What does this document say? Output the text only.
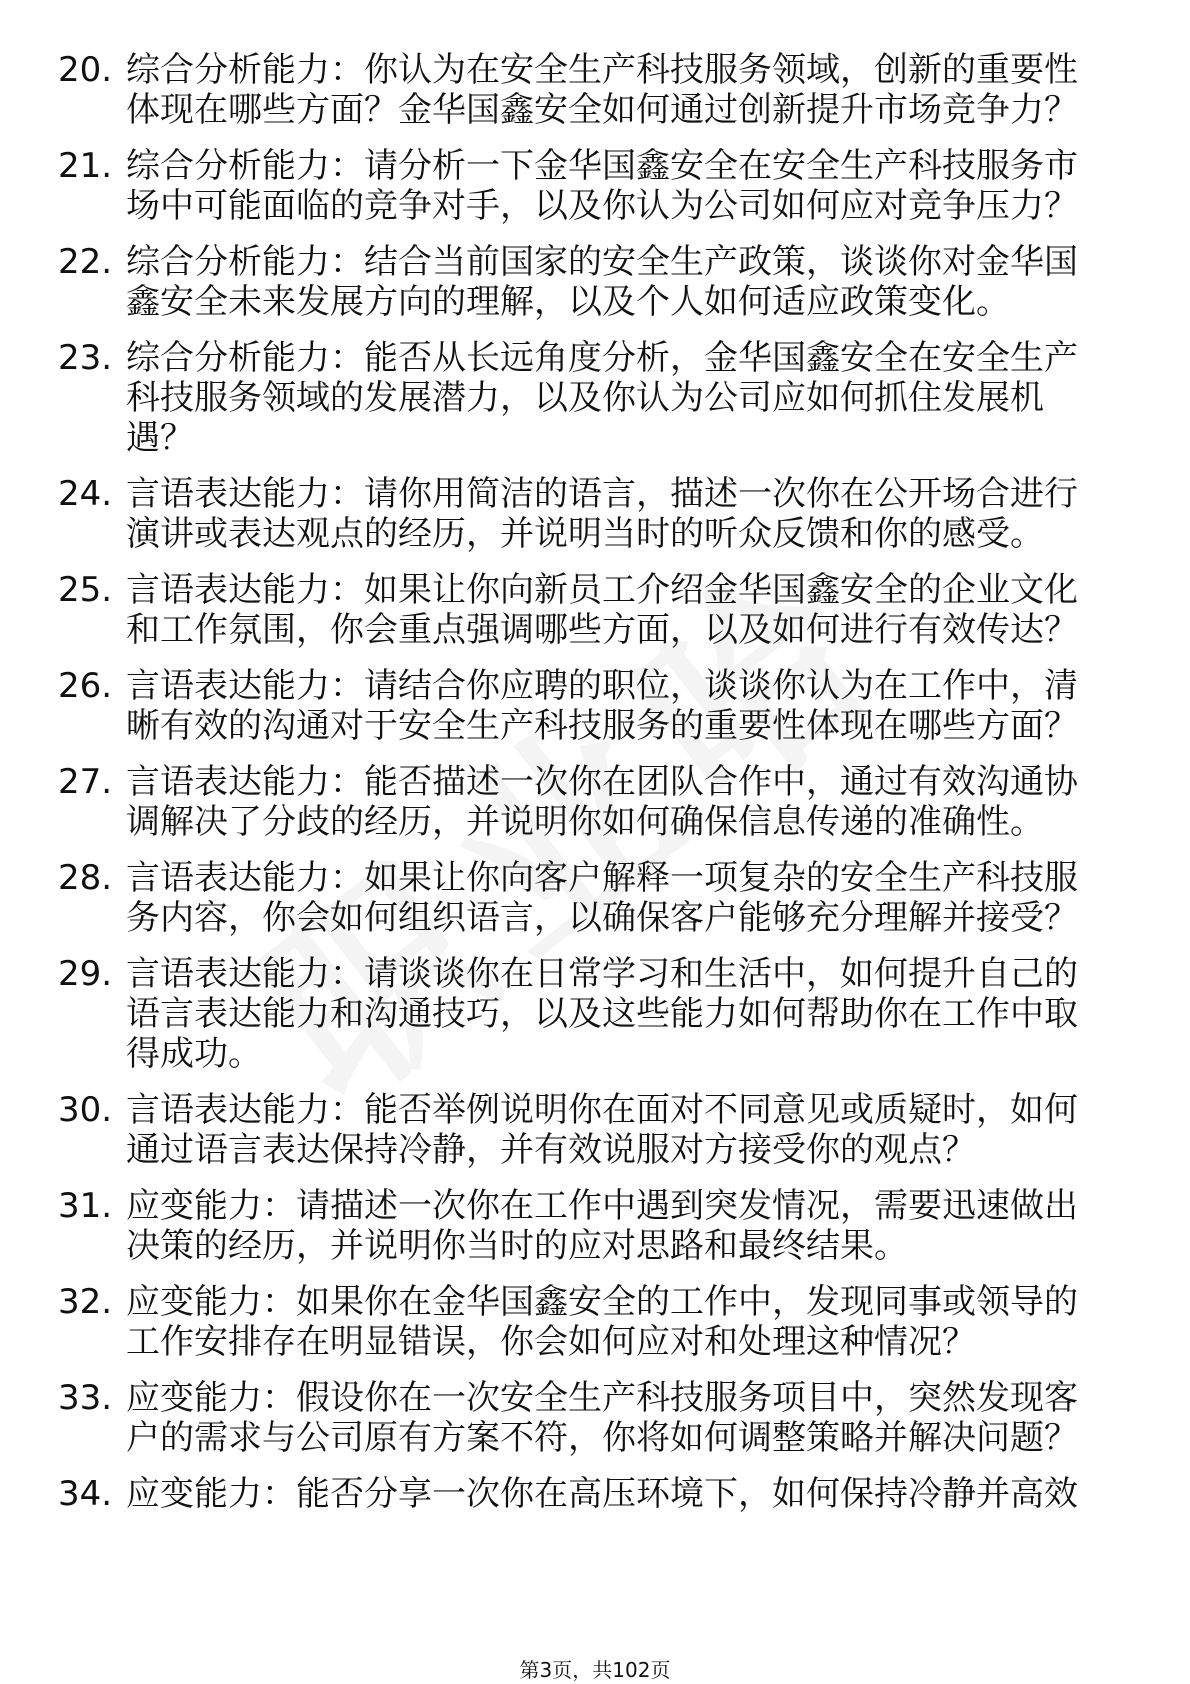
20. 综合分析能力：你认为在安全生产科技服务领域，创新的重要性
体现在哪些方面？金华国鑫安全如何通过创新提升市场竞争力？
21. 综合分析能力：请分析一下金华国鑫安全在安全生产科技服务市
场中可能面临的竞争对手，以及你认为公司如何应对竞争压力？
22. 综合分析能力：结合当前国家的安全生产政策，谈谈你对金华国
鑫安全未来发展方向的理解，以及个人如何适应政策变化。
23. 综合分析能力：能否从长远角度分析，金华国鑫安全在安全生产
科技服务领域的发展潜力，以及你认为公司应如何抓住发展机
遇？
24. 言语表达能力：请你用简洁的语言，描述一次你在公开场合进行
演讲或表达观点的经历，并说明当时的听众反馈和你的感受。
25. 言语表达能力：如果让你向新员工介绍金华国鑫安全的企业文化
和工作氛围，你会重点强调哪些方面，以及如何进行有效传达？
26. 言语表达能力：请结合你应聘的职位，谈谈你认为在工作中，清
晰有效的沟通对于安全生产科技服务的重要性体现在哪些方面？
27. 言语表达能力：能否描述一次你在团队合作中，通过有效沟通协
调解决了分歧的经历，并说明你如何确保信息传递的准确性。
28. 言语表达能力：如果让你向客户解释一项复杂的安全生产科技服
务内容，你会如何组织语言，以确保客户能够充分理解并接受？
29. 言语表达能力：请谈谈你在日常学习和生活中，如何提升自己的
语言表达能力和沟通技巧，以及这些能力如何帮助你在工作中取
得成功。
30. 言语表达能力：能否举例说明你在面对不同意见或质疑时，如何
通过语言表达保持冷静，并有效说服对方接受你的观点？
31. 应变能力：请描述一次你在工作中遇到突发情况，需要迅速做出
决策的经历，并说明你当时的应对思路和最终结果。
32. 应变能力：如果你在金华国鑫安全的工作中，发现同事或领导的
工作安排存在明显错误，你会如何应对和处理这种情况？
33. 应变能力：假设你在一次安全生产科技服务项目中，突然发现客
户的需求与公司原有方案不符，你将如何调整策略并解决问题？
34. 应变能力：能否分享一次你在高压环境下，如何保持冷静并高效
第3页，共102页
